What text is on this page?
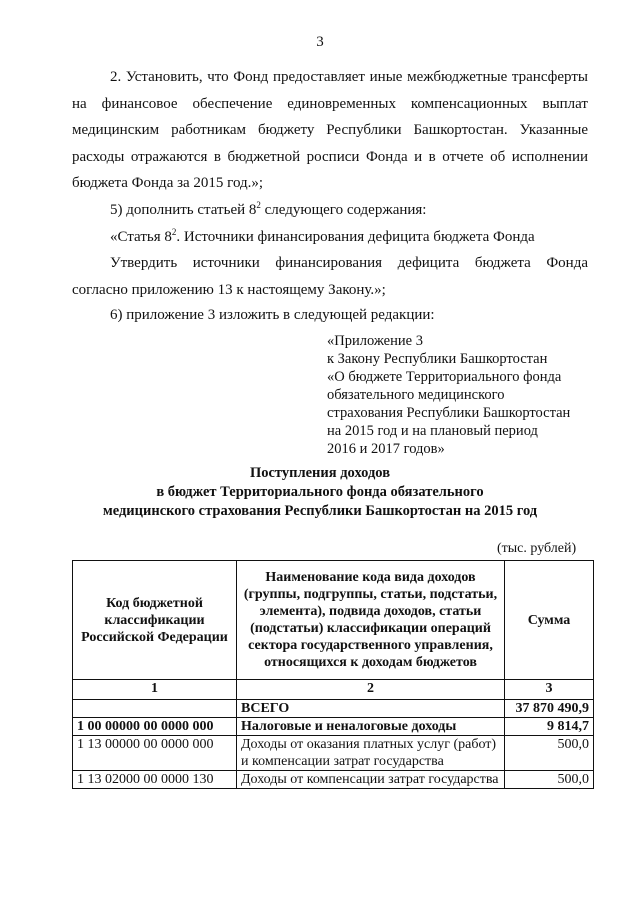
3

2. Установить, что Фонд предоставляет иные межбюджетные трансферты на финансовое обеспечение единовременных компенсационных выплат медицинским работникам бюджету Республики Башкортостан. Указанные расходы отражаются в бюджетной росписи Фонда и в отчете об исполнении бюджета Фонда за 2015 год.»;

5) дополнить статьей $8^2$ следующего содержания:

«Статья $8^2$. Источники финансирования дефицита бюджета Фонда

Утвердить источники финансирования дефицита бюджета Фонда

согласно приложению 13 к настоящему Закону.»;

6) приложение 3 изложить в следующей редакции:

«Приложение 3
к Закону Республики Башкортостан
«О бюджете Территориального фонда
обязательного медицинского
страхования Республики Башкортостан
на 2015 год и на плановый период
2016 и 2017 годов»
Поступления доходов
в бюджет Территориального фонда обязательного
медицинского страхования Республики Башкортостан на 2015 год
(тыс. рублей)
Код бюджетной классификации Российской Федерации	Наименование кода вида доходов (группы, подгруппы, статьи, подстатьи, элемента), подвида доходов, статьи (подстатьи) классификации операций сектора государственного управления, относящихся к доходам бюджетов	Сумма
1	2	3
	ВСЕГО	37 870 490,9
1 00 00000 00 0000 000	Налоговые и неналоговые доходы	9 814,7
1 13 00000 00 0000 000	Доходы от оказания платных услуг (работ) и компенсации затрат государства	500,0
1 13 02000 00 0000 130	Доходы от компенсации затрат государства	500,0
